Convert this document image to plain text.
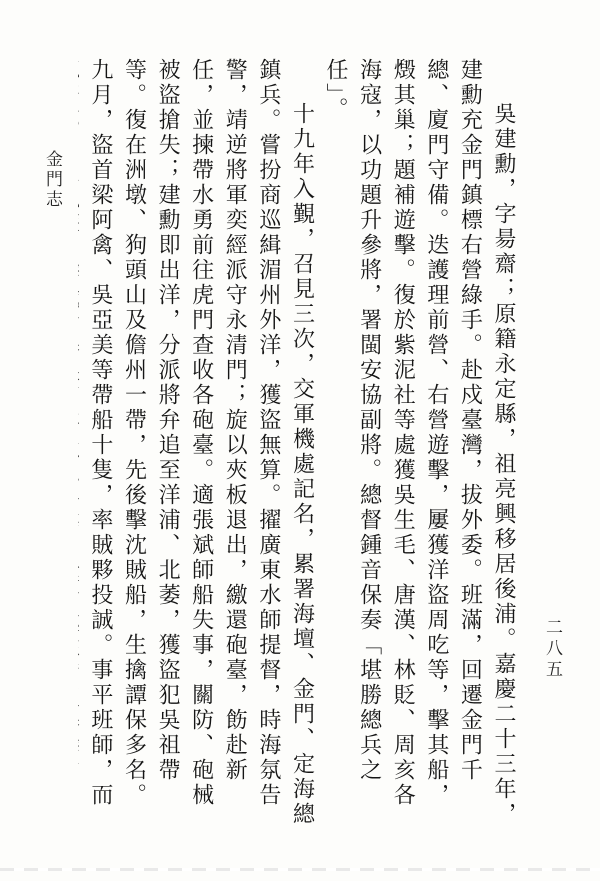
金門志	吳建勳，字昜齋；原籍永定縣，祖亮興移居後浦。嘉慶二十三年，建勳充金門鎮標右營綠手。赴戍臺灣，拔外委。班滿，回遷金門千總、廈門守備。迭護理前營、右營遊擊，屢獲洋盜周吃等，擊其船，燬其巢；題補遊擊。復於紫泥社等處獲吳生毛、唐漢、林貶、周亥各海寇，以功題升參將，署閩安協副將。總督鍾音保奏「堪勝總兵之任」。

十九年入覲，召見三次，交軍機處記名，累署海壇、金門、定海總鎮兵。嘗扮商巡緝湄州外洋，獲盜無算。擢廣東水師提督，時海氛告警，靖逆將軍奕經派守永清門；旋以夾板退出，繳還砲臺，飭赴新任，並揀帶水勇前往虎門查收各砲臺。適張斌師船失事，關防、砲械被盜搶失；建勳即出洋，分派將弁追至洋浦、北萎，獲盜犯吳祖帶等。復在洲墩、狗頭山及儋州一帶，先後擊沈賊船，生擒譚保多名。九月，盜首梁阿禽、吳亞美等帶船十隻，率賊夥投誠。事平班師，而

二八五
